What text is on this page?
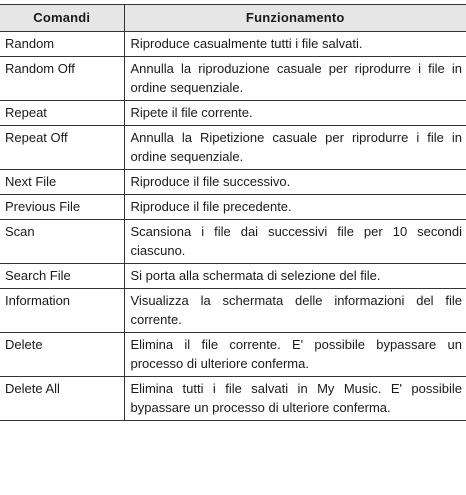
Comandi	Funzionamento
Random	Riproduce casualmente tutti i file salvati.
Random Off	Annulla la riproduzione casuale per riprodurre i file in ordine sequenziale.
Repeat	Ripete il file corrente.
Repeat Off	Annulla la Ripetizione casuale per riprodurre i file in ordine sequenziale.
Next File	Riproduce il file successivo.
Previous File	Riproduce il file precedente.
Scan	Scansiona i file dai successivi file per 10 secondi ciascuno.
Search File	Si porta alla schermata di selezione del file.
Information	Visualizza la schermata delle informazioni del file corrente.
Delete	Elimina il file corrente. E' possibile bypassare un processo di ulteriore conferma.
Delete All	Elimina tutti i file salvati in My Music. E' possibile bypassare un processo di ulteriore conferma.
